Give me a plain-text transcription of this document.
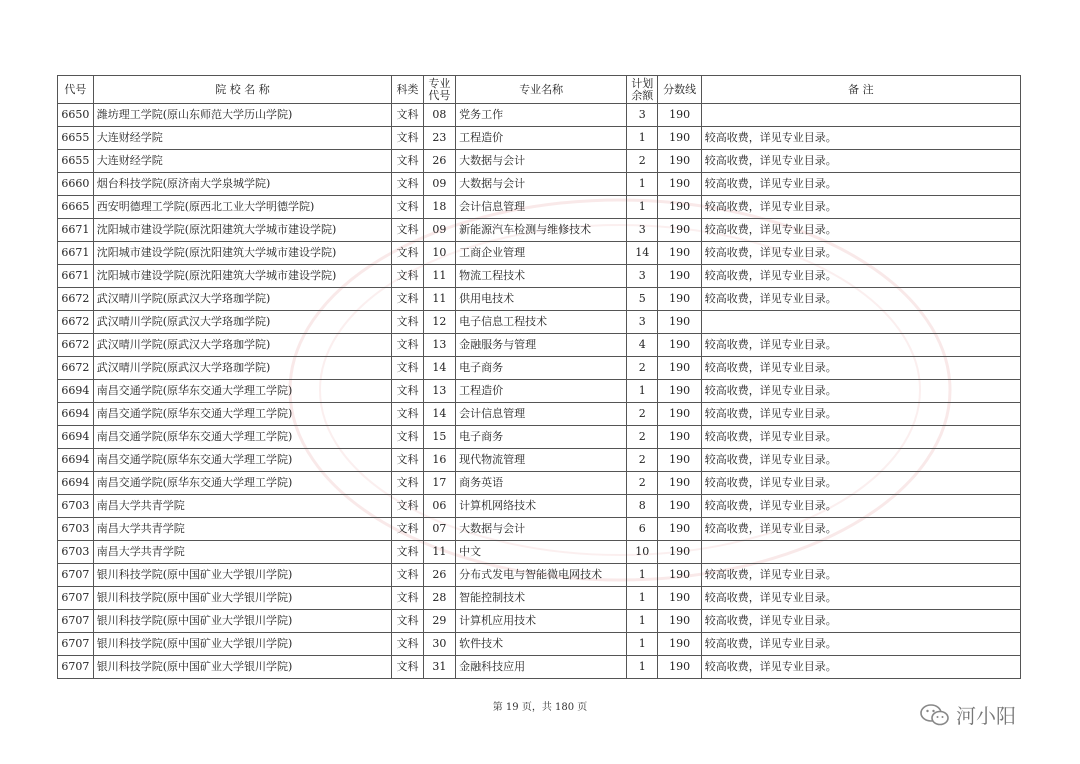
代号	院 校 名 称	科类	专业代号	专业名称	计划余额	分数线	备 注
6650	潍坊理工学院(原山东师范大学历山学院)	文科	08	党务工作	3	190	
6655	大连财经学院	文科	23	工程造价	1	190	较高收费，详见专业目录。
6655	大连财经学院	文科	26	大数据与会计	2	190	较高收费，详见专业目录。
6660	烟台科技学院(原济南大学泉城学院)	文科	09	大数据与会计	1	190	较高收费，详见专业目录。
6665	西安明德理工学院(原西北工业大学明德学院)	文科	18	会计信息管理	1	190	较高收费，详见专业目录。
6671	沈阳城市建设学院(原沈阳建筑大学城市建设学院)	文科	09	新能源汽车检测与维修技术	3	190	较高收费，详见专业目录。
6671	沈阳城市建设学院(原沈阳建筑大学城市建设学院)	文科	10	工商企业管理	14	190	较高收费，详见专业目录。
6671	沈阳城市建设学院(原沈阳建筑大学城市建设学院)	文科	11	物流工程技术	3	190	较高收费，详见专业目录。
6672	武汉晴川学院(原武汉大学珞珈学院)	文科	11	供用电技术	5	190	较高收费，详见专业目录。
6672	武汉晴川学院(原武汉大学珞珈学院)	文科	12	电子信息工程技术	3	190	
6672	武汉晴川学院(原武汉大学珞珈学院)	文科	13	金融服务与管理	4	190	较高收费，详见专业目录。
6672	武汉晴川学院(原武汉大学珞珈学院)	文科	14	电子商务	2	190	较高收费，详见专业目录。
6694	南昌交通学院(原华东交通大学理工学院)	文科	13	工程造价	1	190	较高收费，详见专业目录。
6694	南昌交通学院(原华东交通大学理工学院)	文科	14	会计信息管理	2	190	较高收费，详见专业目录。
6694	南昌交通学院(原华东交通大学理工学院)	文科	15	电子商务	2	190	较高收费，详见专业目录。
6694	南昌交通学院(原华东交通大学理工学院)	文科	16	现代物流管理	2	190	较高收费，详见专业目录。
6694	南昌交通学院(原华东交通大学理工学院)	文科	17	商务英语	2	190	较高收费，详见专业目录。
6703	南昌大学共青学院	文科	06	计算机网络技术	8	190	较高收费，详见专业目录。
6703	南昌大学共青学院	文科	07	大数据与会计	6	190	较高收费，详见专业目录。
6703	南昌大学共青学院	文科	11	中文	10	190	
6707	银川科技学院(原中国矿业大学银川学院)	文科	26	分布式发电与智能微电网技术	1	190	较高收费，详见专业目录。
6707	银川科技学院(原中国矿业大学银川学院)	文科	28	智能控制技术	1	190	较高收费，详见专业目录。
6707	银川科技学院(原中国矿业大学银川学院)	文科	29	计算机应用技术	1	190	较高收费，详见专业目录。
6707	银川科技学院(原中国矿业大学银川学院)	文科	30	软件技术	1	190	较高收费，详见专业目录。
6707	银川科技学院(原中国矿业大学银川学院)	文科	31	金融科技应用	1	190	较高收费，详见专业目录。
第 19 页，共 180 页	河小阳
